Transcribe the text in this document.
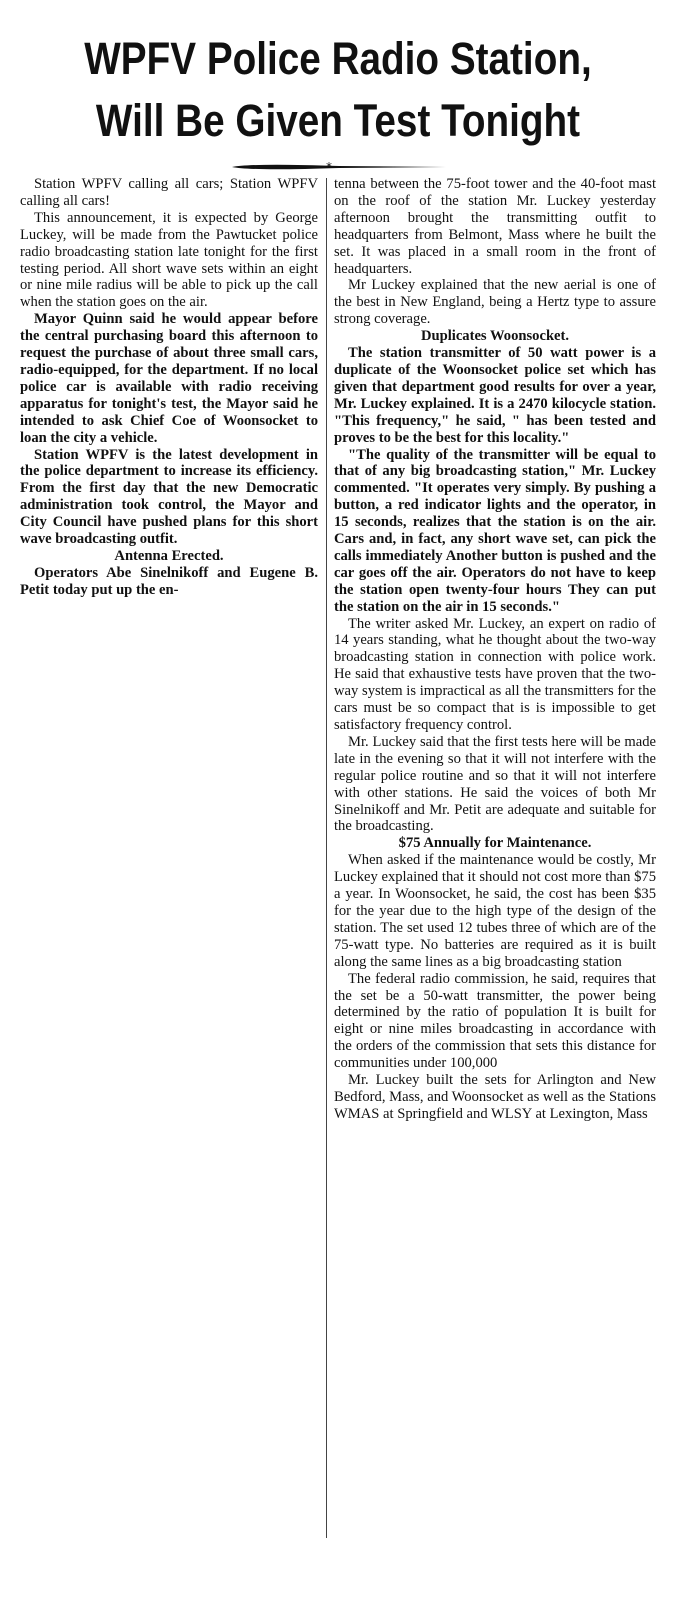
WPFV Police Radio Station,
Will Be Given Test Tonight
*

Station WPFV calling all cars; Station WPFV calling all cars!

This announcement, it is expected by George Luckey, will be made from the Pawtucket police radio broadcasting station late tonight for the first testing period. All short wave sets within an eight or nine mile radius will be able to pick up the call when the station goes on the air.

Mayor Quinn said he would appear before the central purchasing board this afternoon to request the purchase of about three small cars, radio-equipped, for the department. If no local police car is available with radio receiving apparatus for tonight's test, the Mayor said he intended to ask Chief Coe of Woonsocket to loan the city a vehicle.

Station WPFV is the latest development in the police department to increase its efficiency. From the first day that the new Democratic administration took control, the Mayor and City Council have pushed plans for this short wave broadcasting outfit.

Antenna Erected.

Operators Abe Sinelnikoff and Eugene B. Petit today put up the en-

tenna between the 75-foot tower and the 40-foot mast on the roof of the station Mr. Luckey yesterday afternoon brought the transmitting outfit to headquarters from Belmont, Mass where he built the set. It was placed in a small room in the front of headquarters.

Mr Luckey explained that the new aerial is one of the best in New England, being a Hertz type to assure strong coverage.

Duplicates Woonsocket.

The station transmitter of 50 watt power is a duplicate of the Woonsocket police set which has given that department good results for over a year, Mr. Luckey explained. It is a 2470 kilocycle station. "This frequency," he said, " has been tested and proves to be the best for this locality."

"The quality of the transmitter will be equal to that of any big broadcasting station," Mr. Luckey commented. "It operates very simply. By pushing a button, a red indicator lights and the operator, in 15 seconds, realizes that the station is on the air. Cars and, in fact, any short wave set, can pick the calls immediately Another button is pushed and the car goes off the air. Operators do not have to keep the station open twenty-four hours They can put the station on the air in 15 seconds."

The writer asked Mr. Luckey, an expert on radio of 14 years standing, what he thought about the two-way broadcasting station in connection with police work. He said that exhaustive tests have proven that the two-way system is impractical as all the transmitters for the cars must be so compact that is is impossible to get satisfactory frequency control.

Mr. Luckey said that the first tests here will be made late in the evening so that it will not interfere with the regular police routine and so that it will not interfere with other stations. He said the voices of both Mr Sinelnikoff and Mr. Petit are adequate and suitable for the broadcasting.

$75 Annually for Maintenance.

When asked if the maintenance would be costly, Mr Luckey explained that it should not cost more than $75 a year. In Woonsocket, he said, the cost has been $35 for the year due to the high type of the design of the station. The set used 12 tubes three of which are of the 75-watt type. No batteries are required as it is built along the same lines as a big broadcasting station

The federal radio commission, he said, requires that the set be a 50-watt transmitter, the power being determined by the ratio of population It is built for eight or nine miles broadcasting in accordance with the orders of the commission that sets this distance for communities under 100,000

Mr. Luckey built the sets for Arlington and New Bedford, Mass, and Woonsocket as well as the Stations WMAS at Springfield and WLSY at Lexington, Mass
